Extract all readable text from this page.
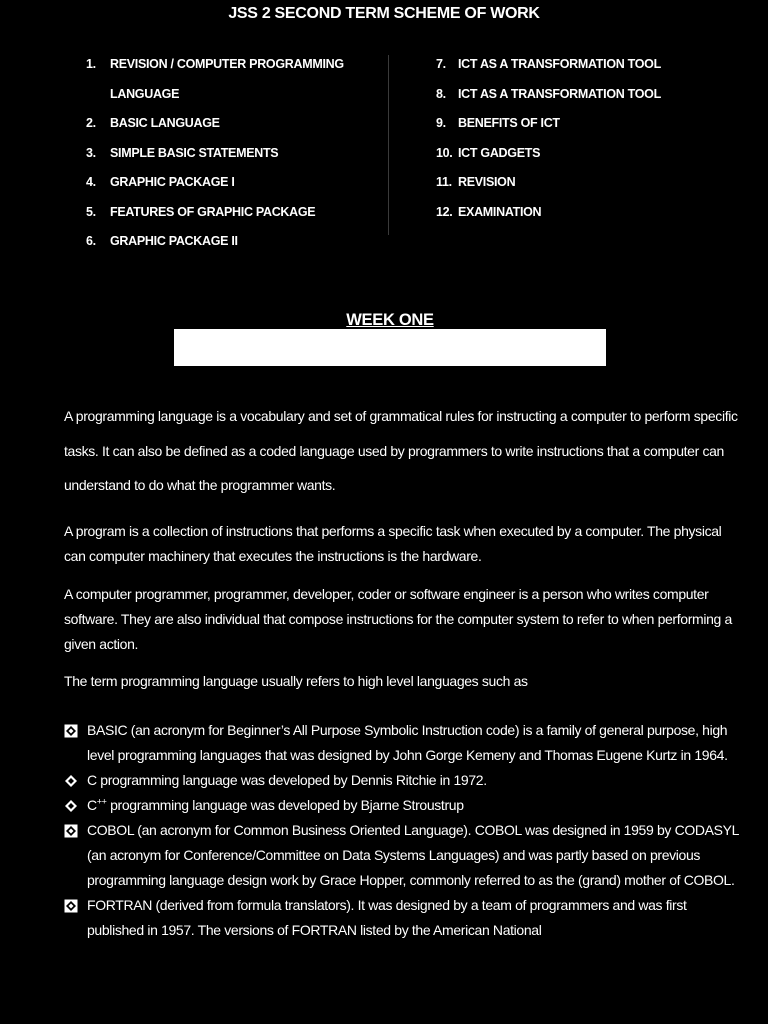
JSS 2 SECOND TERM SCHEME OF WORK
1.	REVISION / COMPUTER PROGRAMMING
LANGUAGE
2.	BASIC LANGUAGE
3.	SIMPLE BASIC STATEMENTS
4.	GRAPHIC PACKAGE I
5.	FEATURES OF GRAPHIC PACKAGE
6.	GRAPHIC PACKAGE II
7. ICT AS A TRANSFORMATION TOOL
8. ICT AS A TRANSFORMATION TOOL
9. BENEFITS OF ICT
10. ICT GADGETS
11. REVISION
12. EXAMINATION
WEEK ONE
A programming language is a vocabulary and set of grammatical rules for instructing a computer to perform specific tasks. It can also be defined as a coded language used by programmers to write instructions that a computer can understand to do what the programmer wants.
A program is a collection of instructions that performs a specific task when executed by a computer. The physical can computer machinery that executes the instructions is the hardware.
A computer programmer, programmer, developer, coder or software engineer is a person who writes computer software. They are also individual that compose instructions for the computer system to refer to when performing a given action.
The term programming language usually refers to high level languages such as
BASIC (an acronym for Beginner’s All Purpose Symbolic Instruction code) is a family of general purpose, high level programming languages that was designed by John Gorge Kemeny and Thomas Eugene Kurtz in 1964.
C programming language was developed by Dennis Ritchie in 1972.
C++ programming language was developed by Bjarne Stroustrup
COBOL (an acronym for Common Business Oriented Language). COBOL was designed in 1959 by CODASYL (an acronym for Conference/Committee on Data Systems Languages) and was partly based on previous programming language design work by Grace Hopper, commonly referred to as the (grand) mother of COBOL.
FORTRAN (derived from formula translators). It was designed by a team of programmers and was first published in 1957. The versions of FORTRAN listed by the American National
